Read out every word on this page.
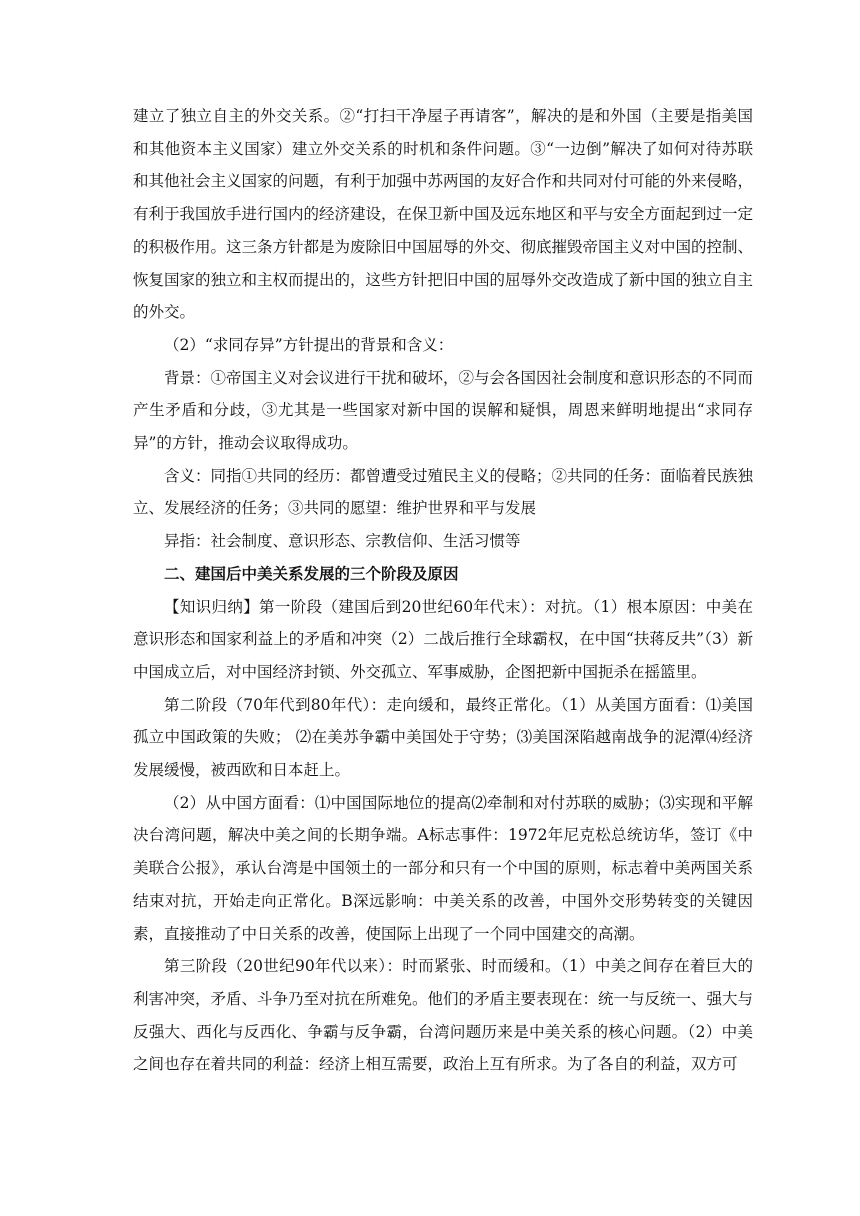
建立了独立自主的外交关系。②“打扫干净屋子再请客”，解决的是和外国（主要是指美国和其他资本主义国家）建立外交关系的时机和条件问题。③“一边倒”解决了如何对待苏联和其他社会主义国家的问题，有利于加强中苏两国的友好合作和共同对付可能的外来侵略，有利于我国放手进行国内的经济建设，在保卫新中国及远东地区和平与安全方面起到过一定的积极作用。这三条方针都是为废除旧中国屈辱的外交、彻底摧毁帝国主义对中国的控制、恢复国家的独立和主权而提出的，这些方针把旧中国的屈辱外交改造成了新中国的独立自主的外交。

（2）“求同存异”方针提出的背景和含义：

背景：①帝国主义对会议进行干扰和破坏，②与会各国因社会制度和意识形态的不同而产生矛盾和分歧，③尤其是一些国家对新中国的误解和疑惧，周恩来鲜明地提出“求同存异”的方针，推动会议取得成功。

含义：同指①共同的经历：都曾遭受过殖民主义的侵略；②共同的任务：面临着民族独立、发展经济的任务；③共同的愿望：维护世界和平与发展

异指：社会制度、意识形态、宗教信仰、生活习惯等

二、建国后中美关系发展的三个阶段及原因

【知识归纳】第一阶段（建国后到20世纪60年代末）：对抗。（1）根本原因：中美在意识形态和国家利益上的矛盾和冲突（2）二战后推行全球霸权，在中国“扶蒋反共”（3）新中国成立后，对中国经济封锁、外交孤立、军事威胁，企图把新中国扼杀在摇篮里。

第二阶段（70年代到80年代）：走向缓和，最终正常化。（1）从美国方面看：⑴美国孤立中国政策的失败； ⑵在美苏争霸中美国处于守势；⑶美国深陷越南战争的泥潭⑷经济发展缓慢，被西欧和日本赶上。

（2）从中国方面看：⑴中国国际地位的提高⑵牵制和对付苏联的威胁；⑶实现和平解决台湾问题，解决中美之间的长期争端。A标志事件：1972年尼克松总统访华，签订《中美联合公报》，承认台湾是中国领土的一部分和只有一个中国的原则，标志着中美两国关系结束对抗，开始走向正常化。B深远影响：中美关系的改善，中国外交形势转变的关键因素，直接推动了中日关系的改善，使国际上出现了一个同中国建交的高潮。

第三阶段（20世纪90年代以来）：时而紧张、时而缓和。（1）中美之间存在着巨大的利害冲突，矛盾、斗争乃至对抗在所难免。他们的矛盾主要表现在：统一与反统一、强大与反强大、西化与反西化、争霸与反争霸，台湾问题历来是中美关系的核心问题。（2）中美之间也存在着共同的利益：经济上相互需要，政治上互有所求。为了各自的利益，双方可
